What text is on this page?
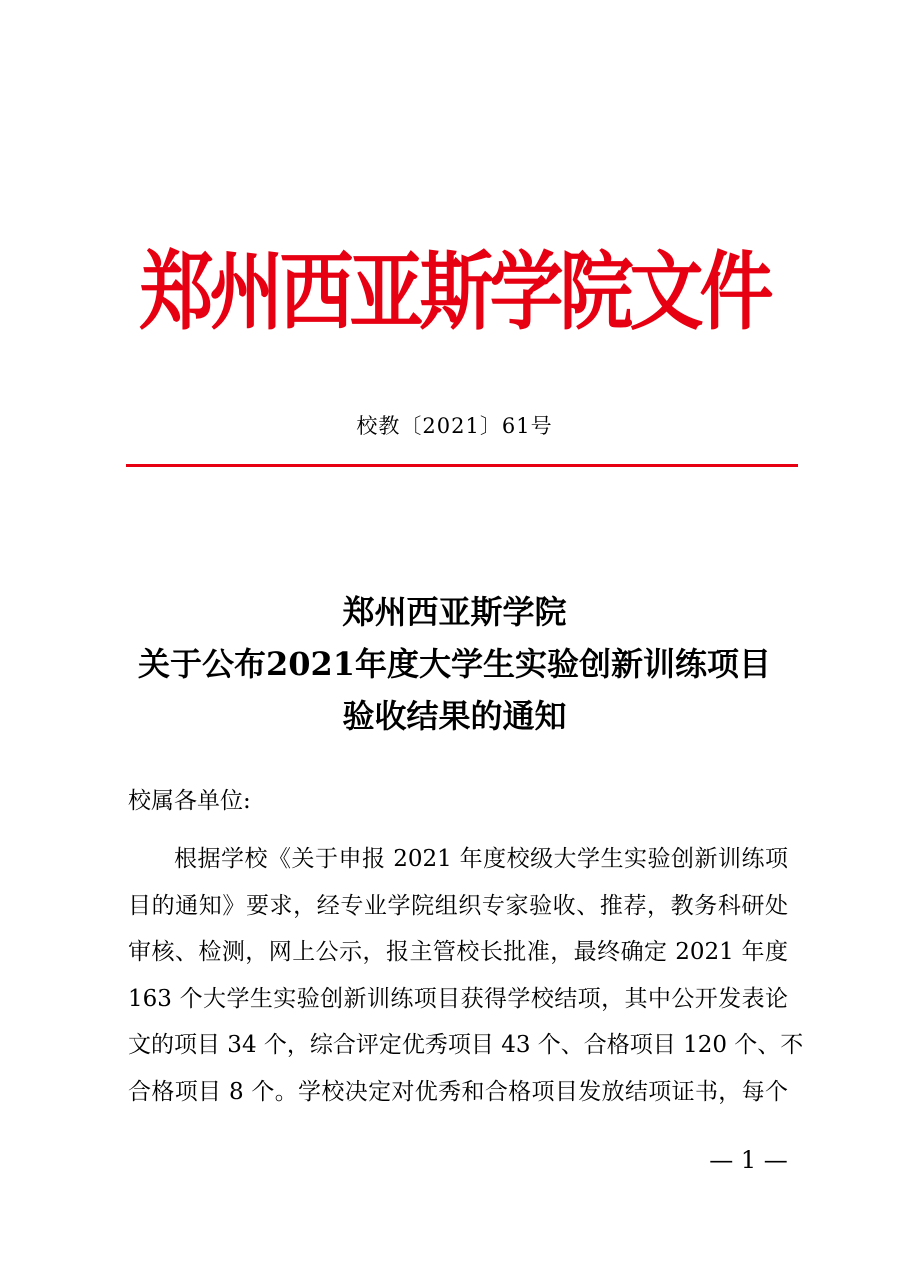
郑州西亚斯学院文件
校教〔2021〕61号
郑州西亚斯学院
关于公布2021年度大学生实验创新训练项目
验收结果的通知
校属各单位:
根据学校《关于申报 2021 年度校级大学生实验创新训练项
目的通知》要求，经专业学院组织专家验收、推荐，教务科研处
审核、检测，网上公示，报主管校长批准，最终确定 2021 年度
163 个大学生实验创新训练项目获得学校结项，其中公开发表论
文的项目 34 个，综合评定优秀项目 43 个、合格项目 120 个、不
合格项目 8 个。学校决定对优秀和合格项目发放结项证书，每个
— 1 —
